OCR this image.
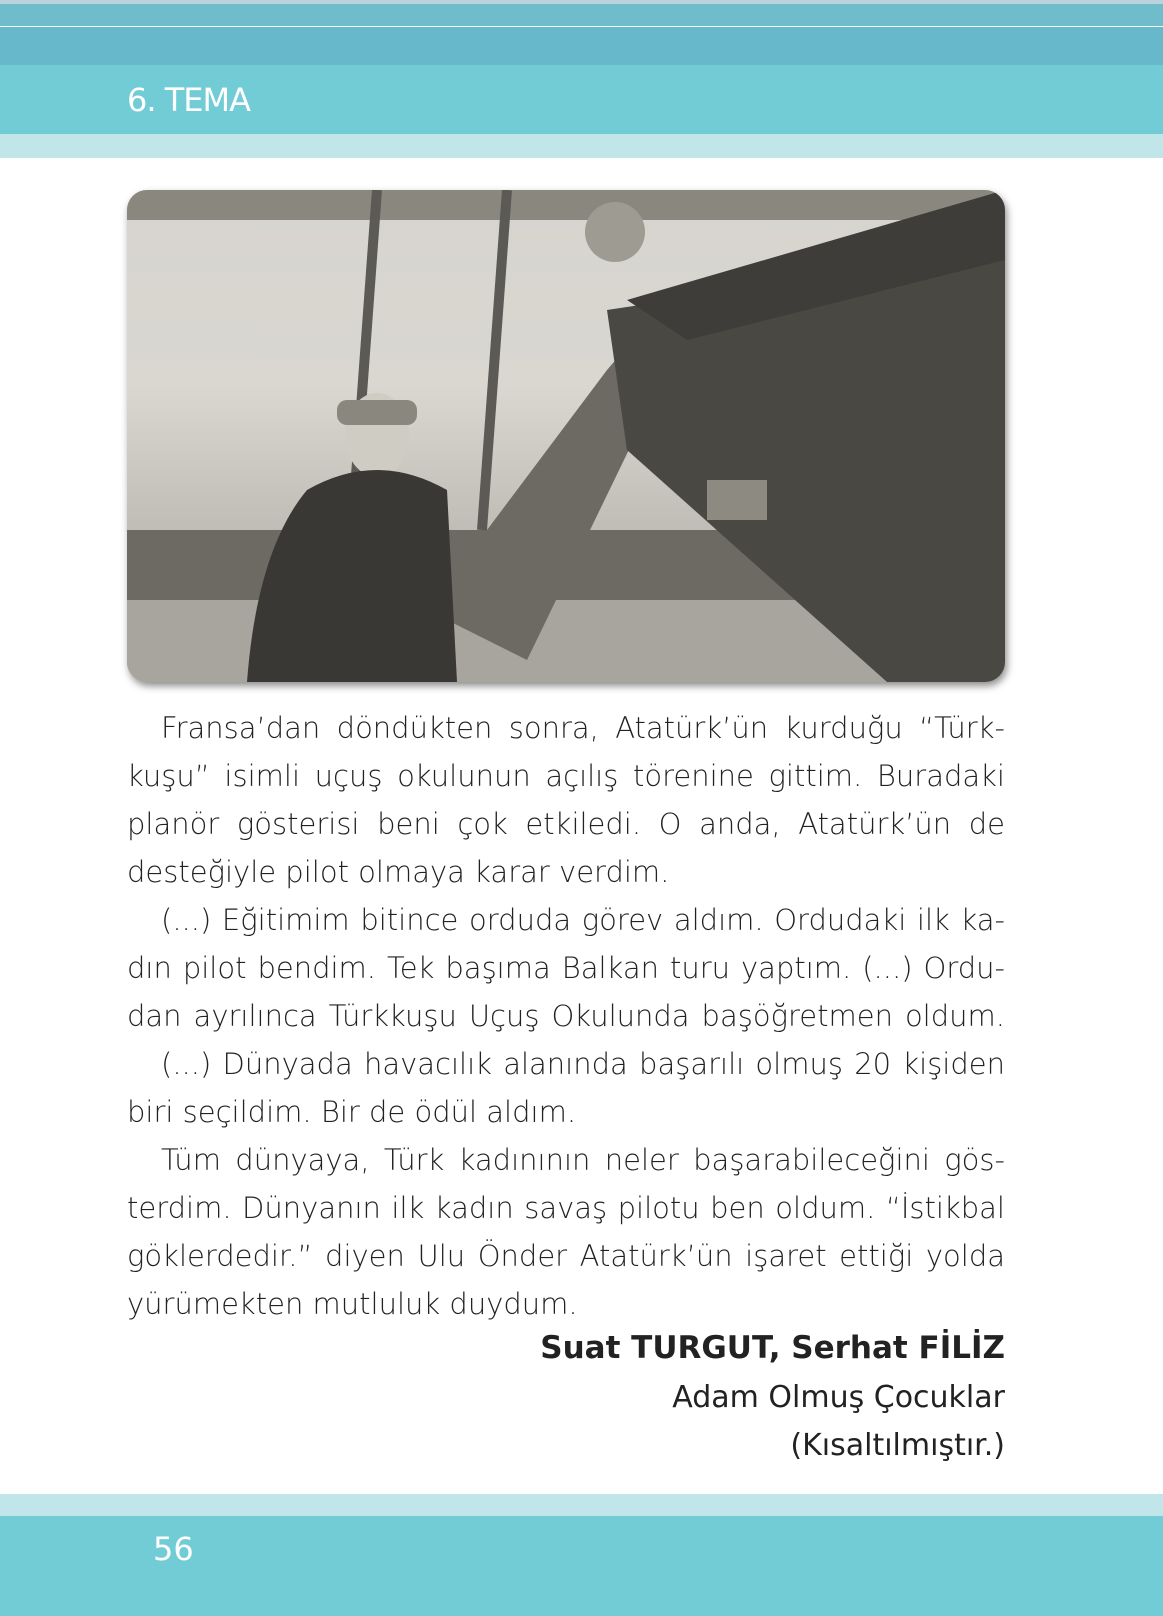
6. TEMA
Fransa’dan döndükten sonra, Atatürk’ün kurduğu “Türk-
kuşu” isimli uçuş okulunun açılış törenine gittim. Buradaki
planör gösterisi beni çok etkiledi. O anda, Atatürk’ün de
desteğiyle pilot olmaya karar verdim.
(...) Eğitimim bitince orduda görev aldım. Ordudaki ilk ka-
dın pilot bendim. Tek başıma Balkan turu yaptım. (...) Ordu-
dan ayrılınca Türkkuşu Uçuş Okulunda başöğretmen oldum.
(...) Dünyada havacılık alanında başarılı olmuş 20 kişiden
biri seçildim. Bir de ödül aldım.
Tüm dünyaya, Türk kadınının neler başarabileceğini gös-
terdim. Dünyanın ilk kadın savaş pilotu ben oldum. “İstikbal
göklerdedir.” diyen Ulu Önder Atatürk’ün işaret ettiği yolda
yürümekten mutluluk duydum.
Suat TURGUT, Serhat FİLİZ
Adam Olmuş Çocuklar
(Kısaltılmıştır.)
56
